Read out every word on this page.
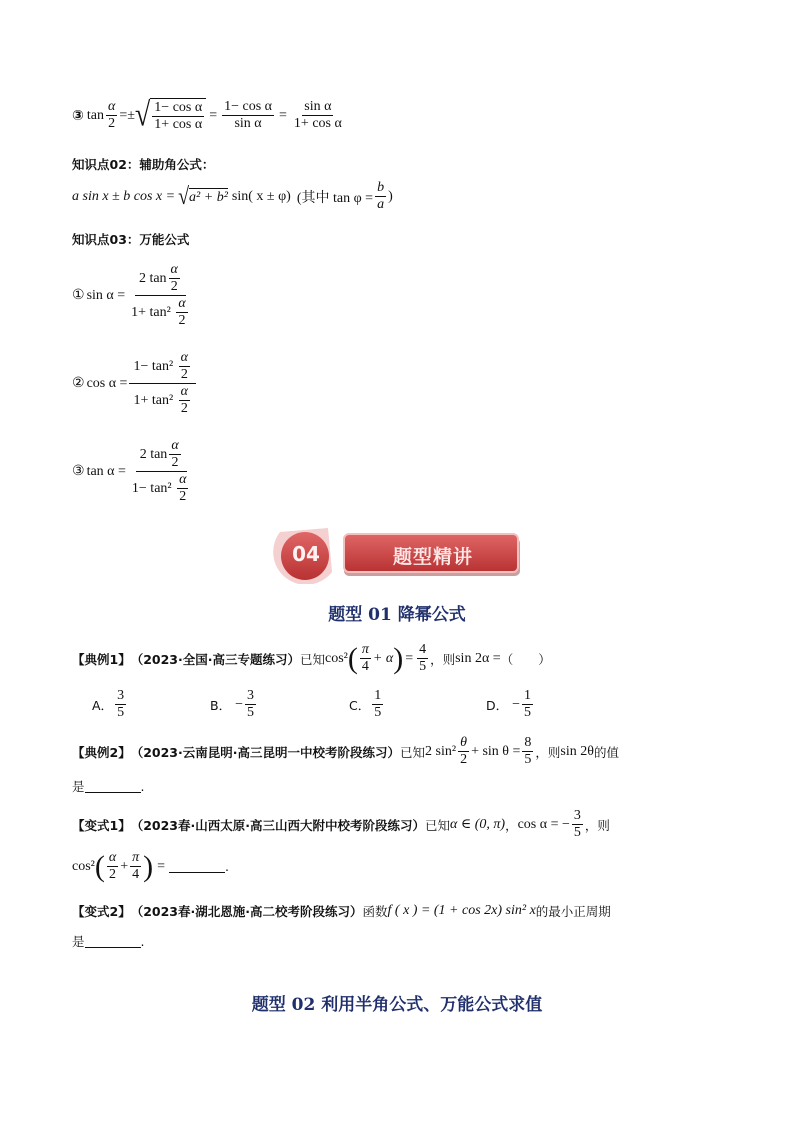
③ $\tan \frac{\alpha}{2}$ =± √ $\frac{\text{1− cos α}}{\text{1+ cos α}} = \frac{\text{1− cos α}}{\text{sin α}} = \frac{\text{sin α}}{\text{1+ cos α}}$
知识点02：辅助角公式：
a sin x ± b cos x = √ a² + b² sin( x ± φ) (其中 $\tan \varphi = \frac{b}{a}$ )
知识点03：万能公式
① $\sin \alpha = \frac{2 \tan \frac{\alpha}{2}}{1+ \tan^2 \frac{\alpha}{2}}$
② $\cos \alpha = \frac{1- \tan^2 \frac{\alpha}{2}}{1+ \tan^2 \frac{\alpha}{2}}$
③ $\tan \alpha = \frac{2 \tan \frac{\alpha}{2}}{1- \tan^2 \frac{\alpha}{2}}$
04	题型精讲
题型 01 降幂公式
【典例1】 （2023·全国·高三专题练习） 已知 cos² ( $\frac{\pi}{4} + \alpha$ ) = $\frac{4}{5}$ ，则 sin 2α = （　　）
A． $\frac{3}{5}$	B． − $\frac{3}{5}$	C． $\frac{1}{5}$	D． − $\frac{1}{5}$
【典例2】 （2023·云南昆明·高三昆明一中校考阶段练习） 已知 2 $\sin^2 \frac{\theta}{2} + \sin \theta = \frac{8}{5}$ ，则 sin 2θ 的值
是	.
【变式1】 （2023春·山西太原·高三山西大附中校考阶段练习） 已知 α ∈ (0, π) ， cos α = − $\frac{3}{5}$ ，则
cos² ( $\frac{\alpha}{2} + \frac{\pi}{4}$ ) =	.
【变式2】 （2023春·湖北恩施·高二校考阶段练习） 函数 f ( x ) = (1 + cos 2x) sin² x 的最小正周期
是	.
题型 02 利用半角公式、万能公式求值
